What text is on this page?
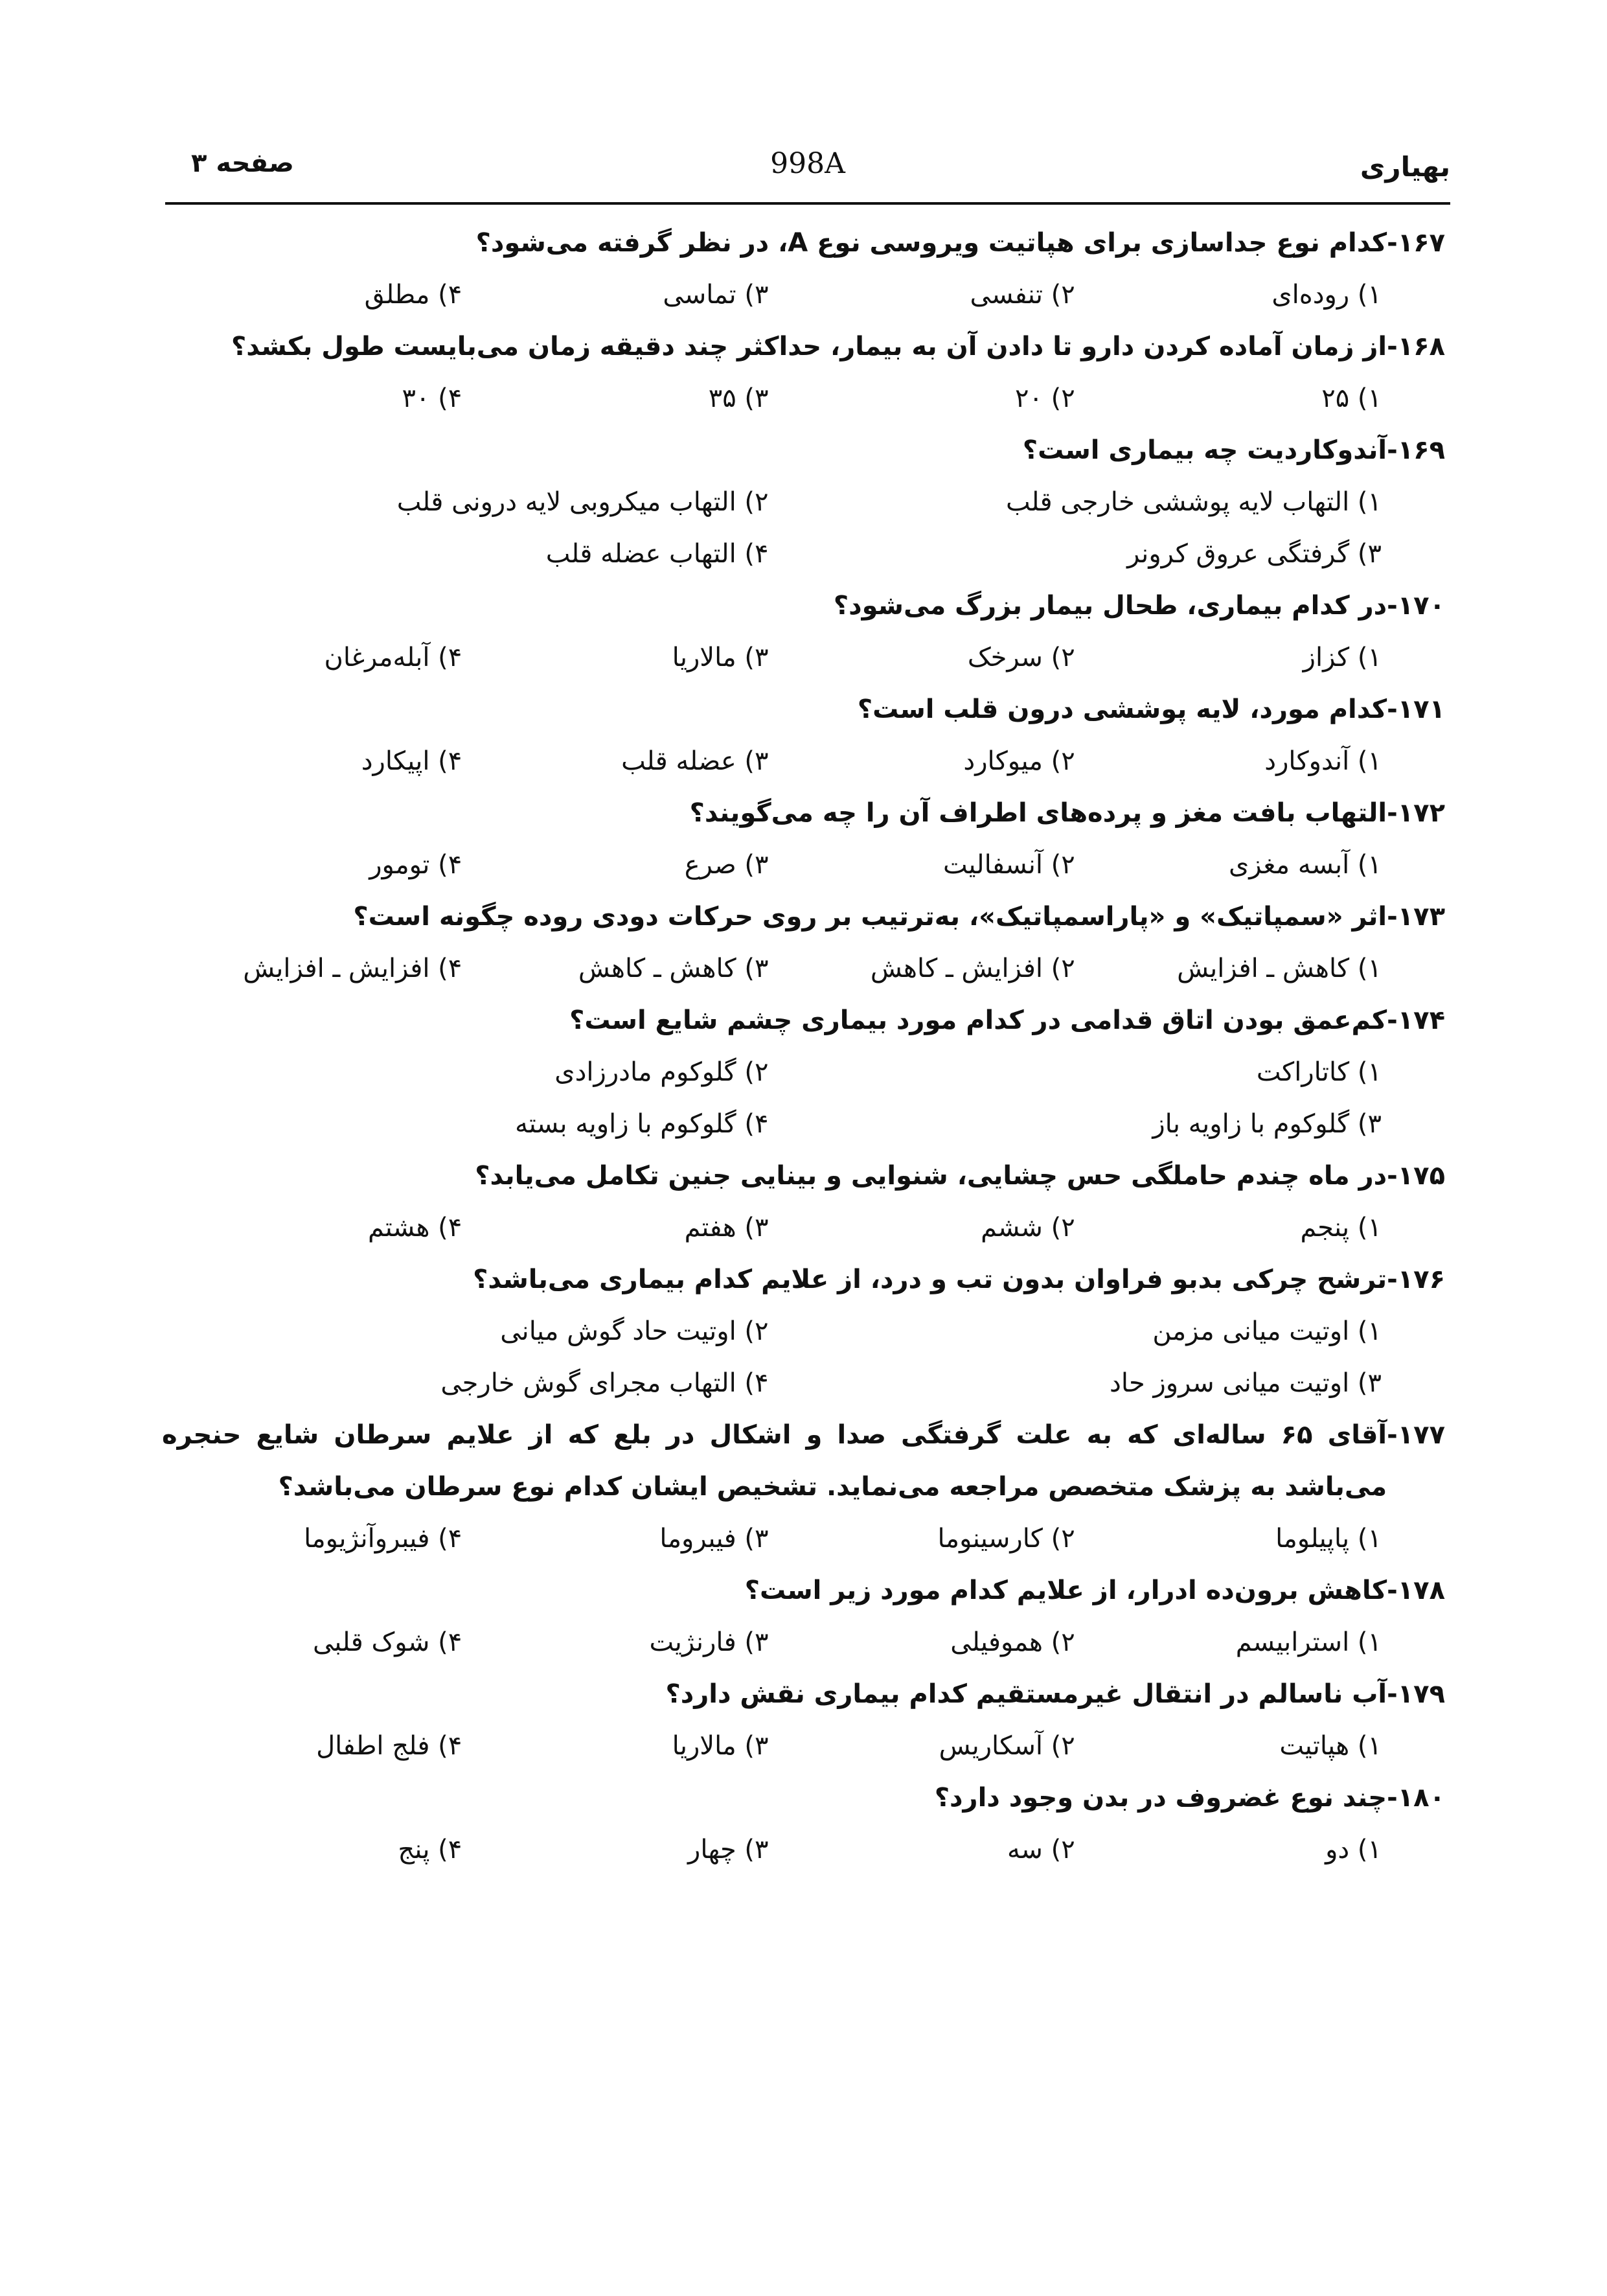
بهیاری
998A
صفحه ۳
۱۶۷-
کدام نوع جداسازی برای هپاتیت ویروسی نوع A، در نظر گرفته می‌شود؟
۱) روده‌ای
۲) تنفسی
۳) تماسی
۴) مطلق
۱۶۸-
از زمان آماده کردن دارو تا دادن آن به بیمار، حداکثر چند دقیقه زمان می‌بایست طول بکشد؟
۱) ۲۵
۲) ۲۰
۳) ۳۵
۴) ۳۰
۱۶۹-
آندوکاردیت چه بیماری است؟
۱) التهاب لایه پوششی خارجی قلب
۲) التهاب میکروبی لایه درونی قلب
۳) گرفتگی عروق کرونر
۴) التهاب عضله قلب
۱۷۰-
در کدام بیماری، طحال بیمار بزرگ می‌شود؟
۱) کزاز
۲) سرخک
۳) مالاریا
۴) آبله‌مرغان
۱۷۱-
کدام مورد، لایه پوششی درون قلب است؟
۱) آندوکارد
۲) میوکارد
۳) عضله قلب
۴) اپیکارد
۱۷۲-
التهاب بافت مغز و پرده‌های اطراف آن را چه می‌گویند؟
۱) آبسه مغزی
۲) آنسفالیت
۳) صرع
۴) تومور
۱۷۳-
اثر «سمپاتیک» و «پاراسمپاتیک»، به‌ترتیب بر روی حرکات دودی روده چگونه است؟
۱) کاهش ـ افزایش
۲) افزایش ـ کاهش
۳) کاهش ـ کاهش
۴) افزایش ـ افزایش
۱۷۴-
کم‌عمق بودن اتاق قدامی در کدام مورد بیماری چشم شایع است؟
۱) کاتاراکت
۲) گلوکوم مادرزادی
۳) گلوکوم با زاویه باز
۴) گلوکوم با زاویه بسته
۱۷۵-
در ماه چندم حاملگی حس چشایی، شنوایی و بینایی جنین تکامل می‌یابد؟
۱) پنجم
۲) ششم
۳) هفتم
۴) هشتم
۱۷۶-
ترشح چرکی بدبو فراوان بدون تب و درد، از علایم کدام بیماری می‌باشد؟
۱) اوتیت میانی مزمن
۲) اوتیت حاد گوش میانی
۳) اوتیت میانی سروز حاد
۴) التهاب مجرای گوش خارجی
۱۷۷-
آقای ۶۵ ساله‌ای که به علت گرفتگی صدا و اشکال در بلع که از علایم سرطان شایع حنجره می‌باشد به پزشک متخصص مراجعه می‌نماید. تشخیص ایشان کدام نوع سرطان می‌باشد؟
۱) پاپیلوما
۲) کارسینوما
۳) فیبروما
۴) فیبروآنژیوما
۱۷۸-
کاهش برون‌ده ادرار، از علایم کدام مورد زیر است؟
۱) استرابیسم
۲) هموفیلی
۳) فارنژیت
۴) شوک قلبی
۱۷۹-
آب ناسالم در انتقال غیرمستقیم کدام بیماری نقش دارد؟
۱) هپاتیت
۲) آسکاریس
۳) مالاریا
۴) فلج اطفال
۱۸۰-
چند نوع غضروف در بدن وجود دارد؟
۱) دو
۲) سه
۳) چهار
۴) پنج
